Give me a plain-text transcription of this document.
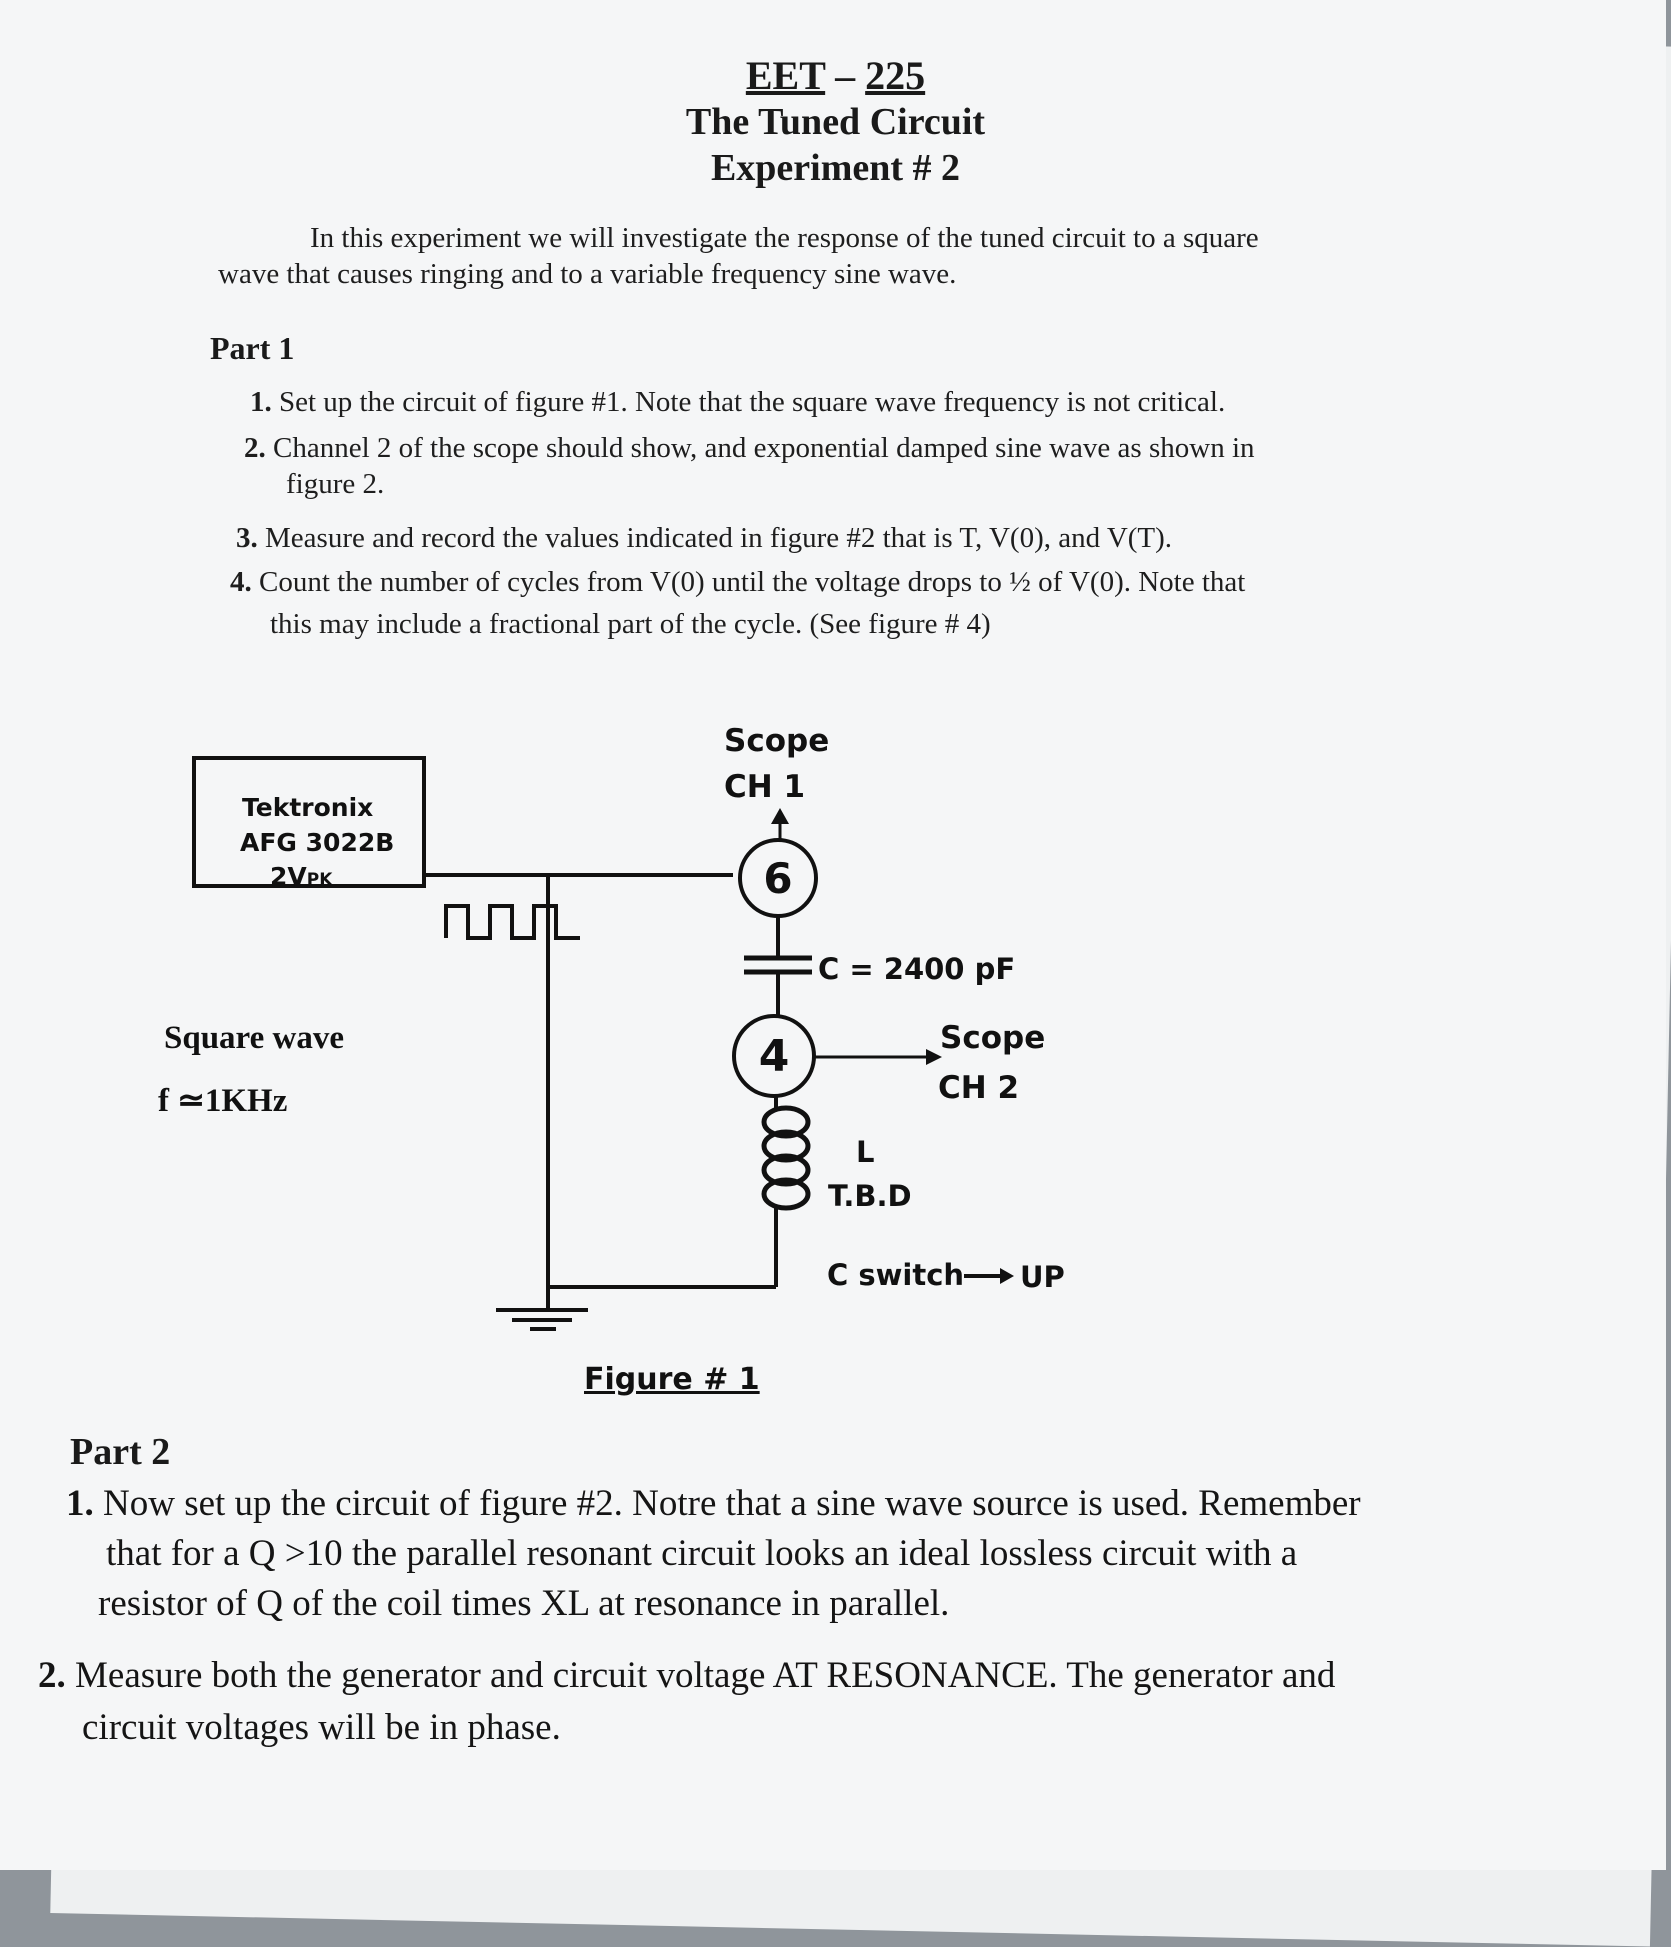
EET – 225
The Tuned Circuit
Experiment # 2
In this experiment we will investigate the response of the tuned circuit to a square
wave that causes ringing and to a variable frequency sine wave.
Part 1
1. Set up the circuit of figure #1. Note that the square wave frequency is not critical.
2. Channel 2 of the scope should show, and exponential damped sine wave as shown in
figure 2.
3. Measure and record the values indicated in figure #2 that is T, V(0), and V(T).
4. Count the number of cycles from V(0) until the voltage drops to ½ of V(0). Note that
this may include a fractional part of the cycle. (See figure # 4)
Tektronix
AFG 3022B
2VPK
Square wave
f ≃1KHz
Scope
CH 1
6
C = 2400 pF
4	Scope
CH 2
L
T.B.D
C switch UP
Figure # 1
Part 2
1. Now set up the circuit of figure #2. Notre that a sine wave source is used. Remember
that for a Q >10 the parallel resonant circuit looks an ideal lossless circuit with a
resistor of Q of the coil times XL at resonance in parallel.
2. Measure both the generator and circuit voltage AT RESONANCE. The generator and
circuit voltages will be in phase.
